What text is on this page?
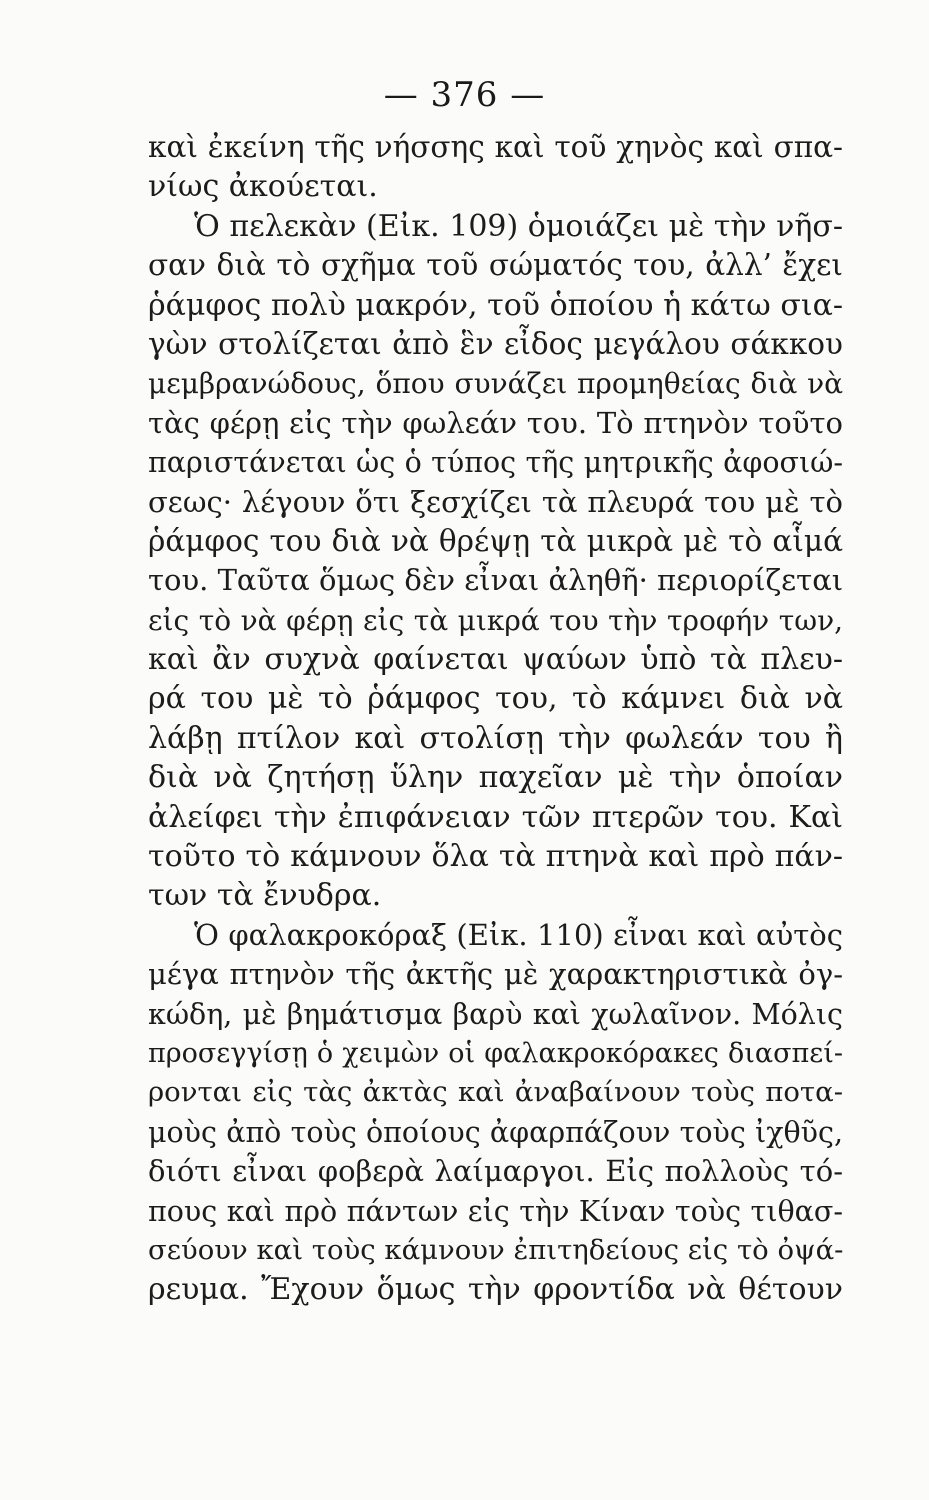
— 376 —
καὶ ἐκείνη τῆς νήσσης καὶ τοῦ χηνὸς καὶ σπα-
νίως ἀκούεται.
Ὁ πελεκὰν (Εἰκ. 109) ὁμοιάζει μὲ τὴν νῆσ-
σαν διὰ τὸ σχῆμα τοῦ σώματός του, ἀλλ’ ἔχει
ῥάμφος πολὺ μακρόν, τοῦ ὁποίου ἡ κάτω σια-
γὼν στολίζεται ἀπὸ ἓν εἶδος μεγάλου σάκκου
μεμβρανώδους, ὅπου συνάζει προμηθείας διὰ νὰ
τὰς φέρῃ εἰς τὴν φωλεάν του. Τὸ πτηνὸν τοῦτο
παριστάνεται ὡς ὁ τύπος τῆς μητρικῆς ἀφοσιώ-
σεως· λέγουν ὅτι ξεσχίζει τὰ πλευρά του μὲ τὸ
ῥάμφος του διὰ νὰ θρέψῃ τὰ μικρὰ μὲ τὸ αἷμά
του. Ταῦτα ὅμως δὲν εἶναι ἀληθῆ· περιορίζεται
εἰς τὸ νὰ φέρῃ εἰς τὰ μικρά του τὴν τροφήν των,
καὶ ἂν συχνὰ φαίνεται ψαύων ὑπὸ τὰ πλευ-
ρά του μὲ τὸ ῥάμφος του, τὸ κάμνει διὰ νὰ
λάβῃ πτίλον καὶ στολίσῃ τὴν φωλεάν του ἢ
διὰ νὰ ζητήσῃ ὕλην παχεῖαν μὲ τὴν ὁποίαν
ἀλείφει τὴν ἐπιφάνειαν τῶν πτερῶν του. Καὶ
τοῦτο τὸ κάμνουν ὅλα τὰ πτηνὰ καὶ πρὸ πάν-
των τὰ ἔνυδρα.
Ὁ φαλακροκόραξ (Εἰκ. 110) εἶναι καὶ αὐτὸς
μέγα πτηνὸν τῆς ἀκτῆς μὲ χαρακτηριστικὰ ὀγ-
κώδη, μὲ βημάτισμα βαρὺ καὶ χωλαῖνον. Μόλις
προσεγγίσῃ ὁ χειμὼν οἱ φαλακροκόρακες διασπεί-
ρονται εἰς τὰς ἀκτὰς καὶ ἀναβαίνουν τοὺς ποτα-
μοὺς ἀπὸ τοὺς ὁποίους ἀφαρπάζουν τοὺς ἰχθῦς,
διότι εἶναι φοβερὰ λαίμαργοι. Εἰς πολλοὺς τό-
πους καὶ πρὸ πάντων εἰς τὴν Κίναν τοὺς τιθασ-
σεύουν καὶ τοὺς κάμνουν ἐπιτηδείους εἰς τὸ ὀψά-
ρευμα. Ἔχουν ὅμως τὴν φροντίδα νὰ θέτουν
